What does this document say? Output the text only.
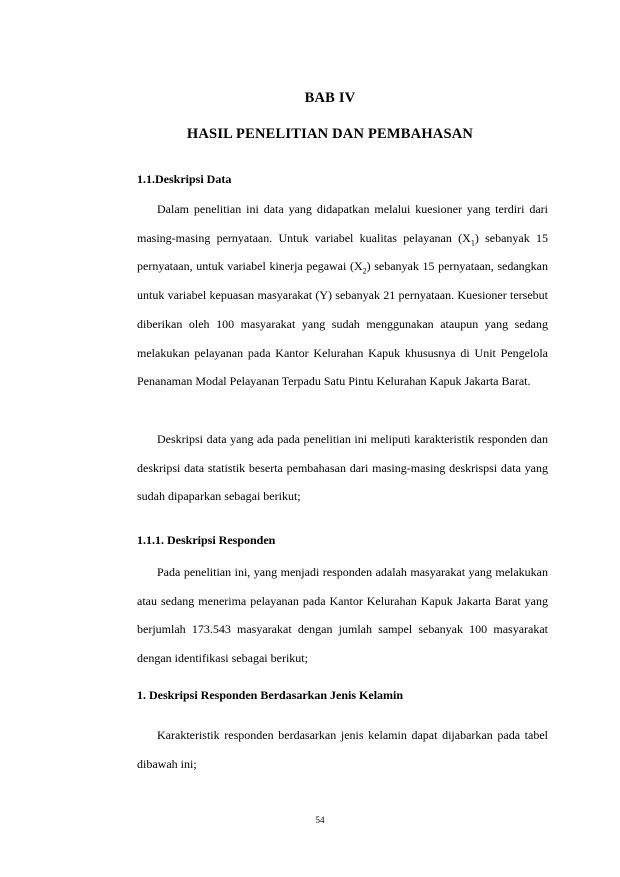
BAB IV
HASIL PENELITIAN DAN PEMBAHASAN
1.1.Deskripsi Data

Dalam penelitian ini data yang didapatkan melalui kuesioner yang terdiri dari masing-masing pernyataan. Untuk variabel kualitas pelayanan $(X_1)$ sebanyak 15 pernyataan, untuk variabel kinerja pegawai $(X_2)$ sebanyak 15 pernyataan, sedangkan untuk variabel kepuasan masyarakat (Y) sebanyak 21 pernyataan. Kuesioner tersebut diberikan oleh 100 masyarakat yang sudah menggunakan ataupun yang sedang melakukan pelayanan pada Kantor Kelurahan Kapuk khususnya di Unit Pengelola Penanaman Modal Pelayanan Terpadu Satu Pintu Kelurahan Kapuk Jakarta Barat.

Deskripsi data yang ada pada penelitian ini meliputi karakteristik responden dan deskripsi data statistik beserta pembahasan dari masing-masing deskrispsi data yang sudah dipaparkan sebagai berikut;

1.1.1. Deskripsi Responden

Pada penelitian ini, yang menjadi responden adalah masyarakat yang melakukan atau sedang menerima pelayanan pada Kantor Kelurahan Kapuk Jakarta Barat yang berjumlah 173.543 masyarakat dengan jumlah sampel sebanyak 100 masyarakat dengan identifikasi sebagai berikut;

1. Deskripsi Responden Berdasarkan Jenis Kelamin

Karakteristik responden berdasarkan jenis kelamin dapat dijabarkan pada tabel dibawah ini;

54
